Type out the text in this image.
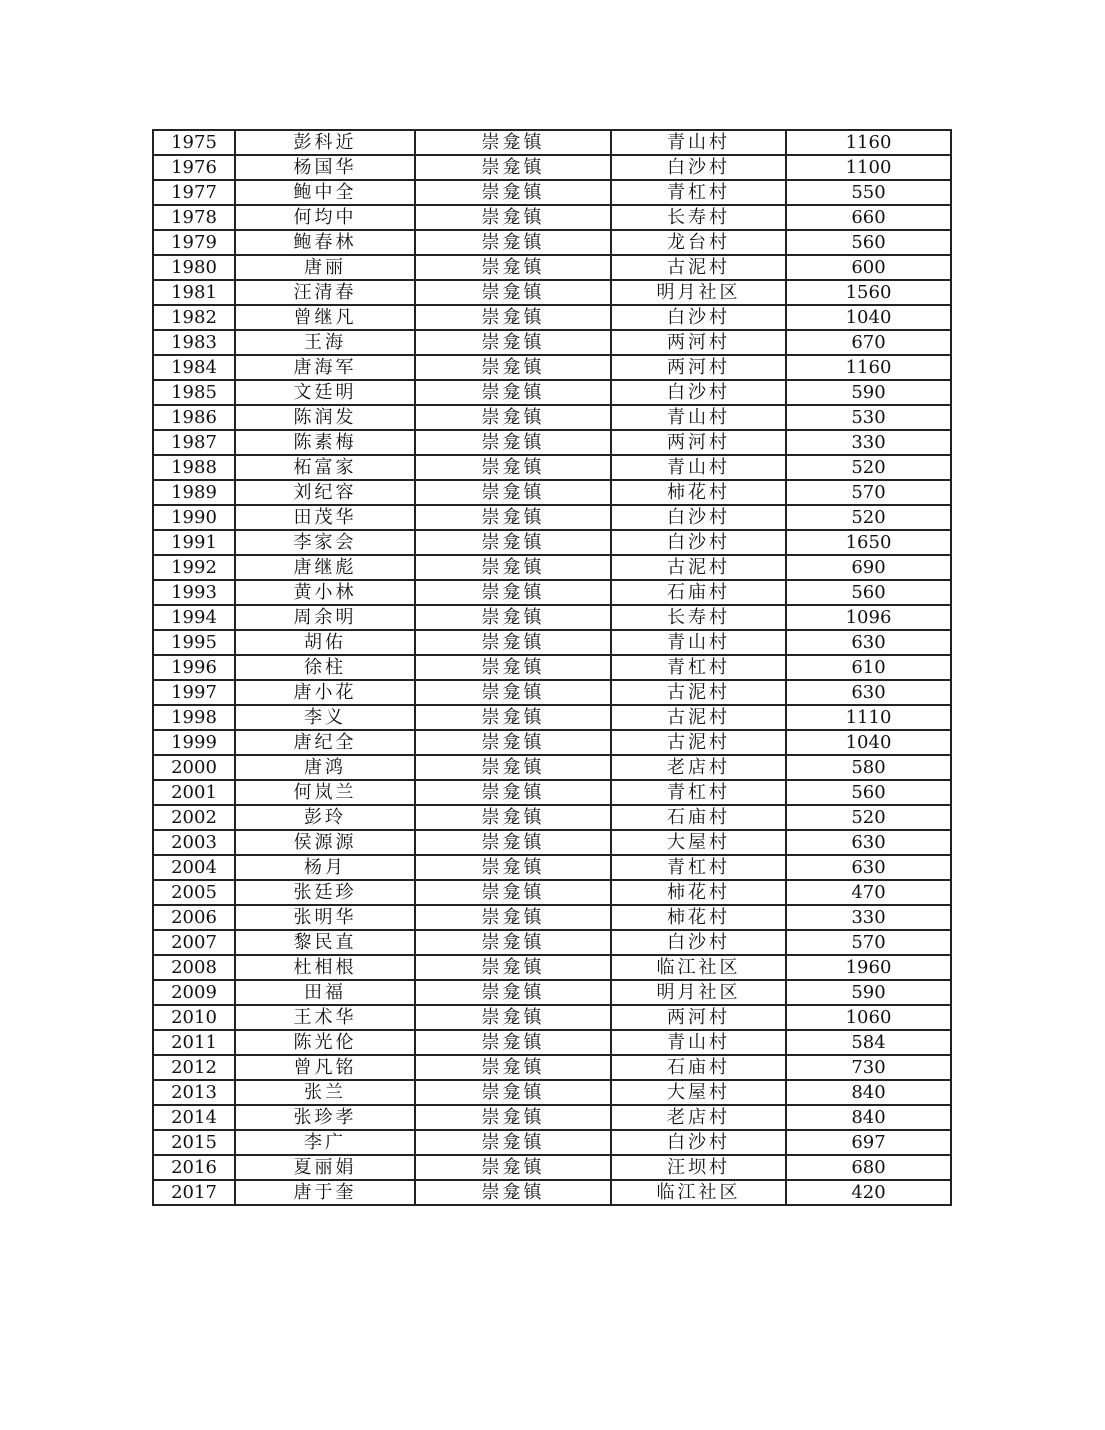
1975	彭科近	崇龛镇	青山村	1160
1976	杨国华	崇龛镇	白沙村	1100
1977	鲍中全	崇龛镇	青杠村	550
1978	何均中	崇龛镇	长寿村	660
1979	鲍春林	崇龛镇	龙台村	560
1980	唐丽	崇龛镇	古泥村	600
1981	汪清春	崇龛镇	明月社区	1560
1982	曾继凡	崇龛镇	白沙村	1040
1983	王海	崇龛镇	两河村	670
1984	唐海军	崇龛镇	两河村	1160
1985	文廷明	崇龛镇	白沙村	590
1986	陈润发	崇龛镇	青山村	530
1987	陈素梅	崇龛镇	两河村	330
1988	柘富家	崇龛镇	青山村	520
1989	刘纪容	崇龛镇	柿花村	570
1990	田茂华	崇龛镇	白沙村	520
1991	李家会	崇龛镇	白沙村	1650
1992	唐继彪	崇龛镇	古泥村	690
1993	黄小林	崇龛镇	石庙村	560
1994	周余明	崇龛镇	长寿村	1096
1995	胡佑	崇龛镇	青山村	630
1996	徐柱	崇龛镇	青杠村	610
1997	唐小花	崇龛镇	古泥村	630
1998	李义	崇龛镇	古泥村	1110
1999	唐纪全	崇龛镇	古泥村	1040
2000	唐鸿	崇龛镇	老店村	580
2001	何岚兰	崇龛镇	青杠村	560
2002	彭玲	崇龛镇	石庙村	520
2003	侯源源	崇龛镇	大屋村	630
2004	杨月	崇龛镇	青杠村	630
2005	张廷珍	崇龛镇	柿花村	470
2006	张明华	崇龛镇	柿花村	330
2007	黎民直	崇龛镇	白沙村	570
2008	杜相根	崇龛镇	临江社区	1960
2009	田福	崇龛镇	明月社区	590
2010	王术华	崇龛镇	两河村	1060
2011	陈光伦	崇龛镇	青山村	584
2012	曾凡铭	崇龛镇	石庙村	730
2013	张兰	崇龛镇	大屋村	840
2014	张珍孝	崇龛镇	老店村	840
2015	李广	崇龛镇	白沙村	697
2016	夏丽娟	崇龛镇	汪坝村	680
2017	唐于奎	崇龛镇	临江社区	420
